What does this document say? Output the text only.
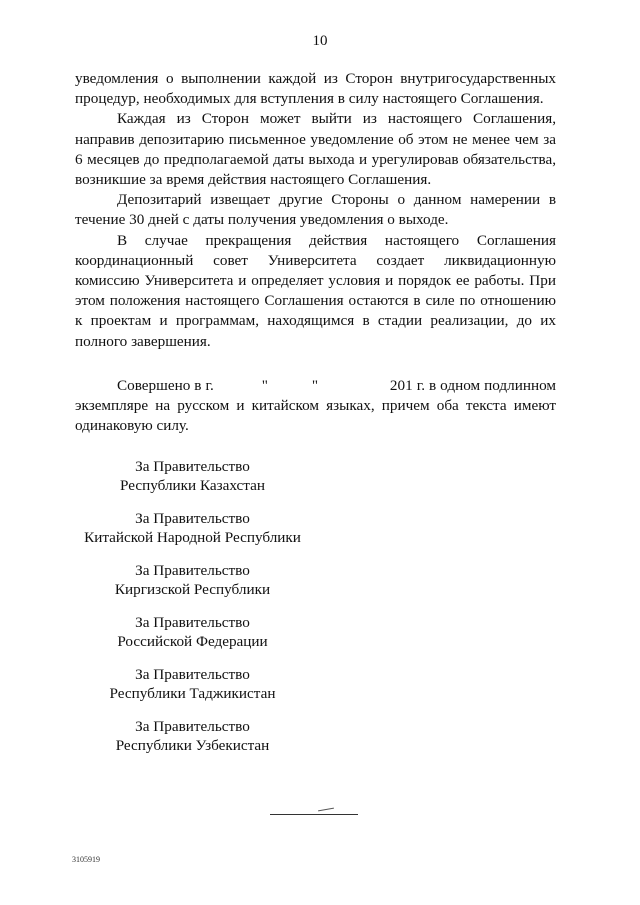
10

уведомления о выполнении каждой из Сторон внутригосударственных процедур, необходимых для вступления в силу настоящего Соглашения.

Каждая из Сторон может выйти из настоящего Соглашения, направив депозитарию письменное уведомление об этом не менее чем за 6 месяцев до предполагаемой даты выхода и урегулировав обязательства, возникшие за время действия настоящего Соглашения.

Депозитарий извещает другие Стороны о данном намерении в течение 30 дней с даты получения уведомления о выходе.

В случае прекращения действия настоящего Соглашения координационный совет Университета создает ликвидационную комиссию Университета и определяет условия и порядок ее работы. При этом положения настоящего Соглашения остаются в силе по отношению к проектам и программам, находящимся в стадии реализации, до их полного завершения.

Совершено в г.            "           "                  201 г. в одном подлинном экземпляре на русском и китайском языках, причем оба текста имеют одинаковую силу.

За Правительство
Республики Казахстан
За Правительство
Китайской Народной Республики
За Правительство
Киргизской Республики
За Правительство
Российской Федерации
За Правительство
Республики Таджикистан
За Правительство
Республики Узбекистан
3105919
